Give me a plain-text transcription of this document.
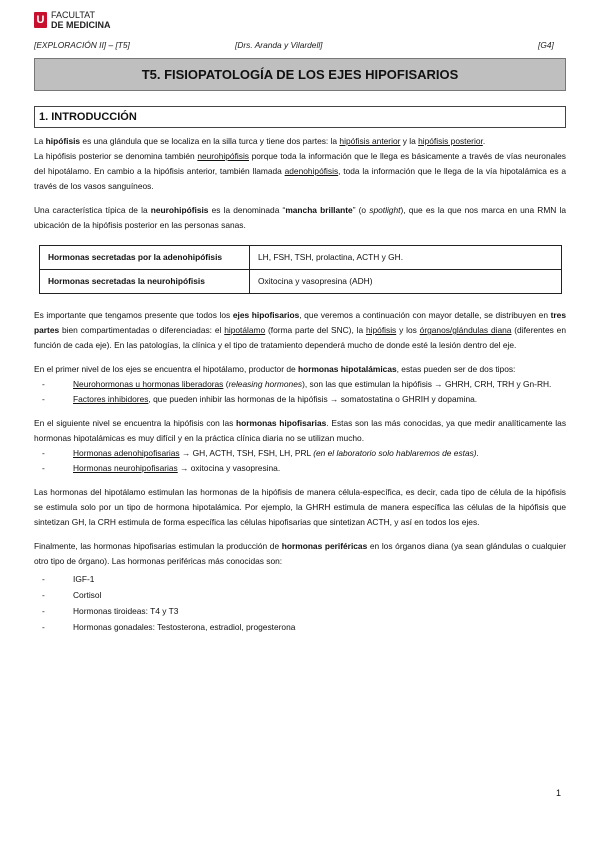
U FACULTAT
DE MEDICINA
[EXPLORACIÓN II] – [T5]	[Drs. Aranda y Vilardell]	[G4]
T5. FISIOPATOLOGÍA DE LOS EJES HIPOFISARIOS
1. INTRODUCCIÓN

La hipófisis es una glándula que se localiza en la silla turca y tiene dos partes: la hipófisis anterior y la hipófisis posterior.

La hipófisis posterior se denomina también neurohipófisis porque toda la información que le llega es básicamente a través de vías neuronales del hipotálamo. En cambio a la hipófisis anterior, también llamada adenohipófisis, toda la información que le llega de la vía hipotalámica es a través de los vasos sanguíneos.

Una característica típica de la neurohipófisis es la denominada “mancha brillante” (o spotlight), que es la que nos marca en una RMN la ubicación de la hipófisis posterior en las personas sanas.

Hormonas secretadas por la adenohipófisis	LH, FSH, TSH, prolactina, ACTH y GH.
Hormonas secretadas la neurohipófisis	Oxitocina y vasopresina (ADH)

Es importante que tengamos presente que todos los ejes hipofisarios, que veremos a continuación con mayor detalle, se distribuyen en tres partes bien compartimentadas o diferenciadas: el hipotálamo (forma parte del SNC), la hipófisis y los órganos/glándulas diana (diferentes en función de cada eje). En las patologías, la clínica y el tipo de tratamiento dependerá mucho de donde esté la lesión dentro del eje.

En el primer nivel de los ejes se encuentra el hipotálamo, productor de hormonas hipotalámicas, estas pueden ser de dos tipos:

- Neurohormonas u hormonas liberadoras (releasing hormones), son las que estimulan la hipófisis → GHRH, CRH, TRH y Gn-RH.
- Factores inhibidores, que pueden inhibir las hormonas de la hipófisis → somatostatina o GHRIH y dopamina.

En el siguiente nivel se encuentra la hipófisis con las hormonas hipofisarias. Estas son las más conocidas, ya que medir analíticamente las hormonas hipotalámicas es muy difícil y en la práctica clínica diaria no se utilizan mucho.

- Hormonas adenohipofisarias → GH, ACTH, TSH, FSH, LH, PRL (en el laboratorio solo hablaremos de estas).
- Hormonas neurohipofisarias → oxitocina y vasopresina.

Las hormonas del hipotálamo estimulan las hormonas de la hipófisis de manera célula-específica, es decir, cada tipo de célula de la hipófisis se estimula solo por un tipo de hormona hipotalámica. Por ejemplo, la GHRH estimula de manera específica las células de la hipófisis que sintetizan GH, la CRH estimula de forma específica las células hipofisarias que sintetizan ACTH, y así en todos los ejes.

Finalmente, las hormonas hipofisarias estimulan la producción de hormonas periféricas en los órganos diana (ya sean glándulas o cualquier otro tipo de órgano). Las hormonas periféricas más conocidas son:

- IGF-1
- Cortisol
- Hormonas tiroideas: T4 y T3
- Hormonas gonadales: Testosterona, estradiol, progesterona
1
